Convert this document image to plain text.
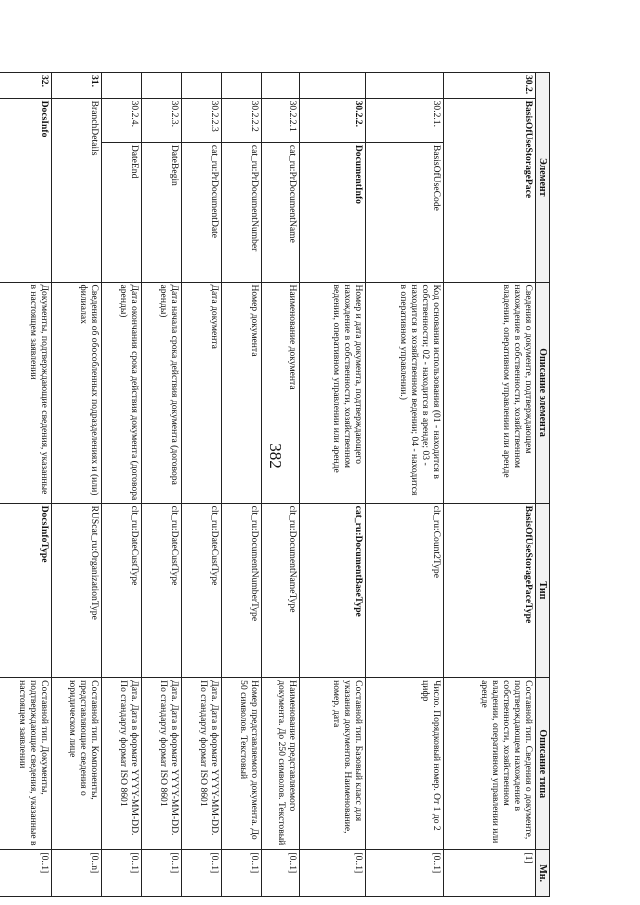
382
Элемент			Описание элемента	Тип	Описание типа	Мн.
30.2.	BasisOfUseStoragePace		Сведения о документе, подтверждающем нахождение в собственности, хозяйственном владении, оперативном управлении или аренде	BasisOfUseStoragePaceType	Составной тип. Сведения о документе, подтверждающем нахождение в собственности, хозяйственном владении, оперативном управлении или аренде	[1]
	30.2.1.	BasisOfUseCode	Код основания использования (01 - находится в собственности; 02 - находится в аренде; 03 - находится в хозяйственном ведении; 04 - находится в оперативном управлении.)	clt_ru:Count2Type	Число. Порядковый номер. От 1 до 2 цифр	[0..1]
	30.2.2.	DocumentInfo	Номер и дата документа, подтверждающего нахождение в собственности, хозяйственном ведении, оперативном управлении или аренде	cat_ru:DocumentBaseType	Составной тип. Базовый класс для указания документов. Наименование, номер, дата	[0..1]
	30.2.2.1	cat_ru:PrDocumentName	Наименование документа	clt_ru:DocumentNameType	Наименование представляемого документа. До 250 символов. Текстовый	[0..1]
	30.2.2.2	cat_ru:PrDocumentNumber	Номер документа	clt_ru:DocumentNumberType	Номер представляемого документа. До 50 символов. Текстовый	[0..1]
	30.2.2.3	cat_ru:PrDocumentDate	Дата документа	clt_ru:DateCustType	Дата. Дата в формате YYYY-MM-DD. По стандарту формат ISO 8601	[0..1]
	30.2.3.	DateBegin	Дата начала срока действия документа (договора аренды)	clt_ru:DateCustType	Дата. Дата в формате YYYY-MM-DD. По стандарту формат ISO 8601	[0..1]
	30.2.4.	DateEnd	Дата окончания срока действия документа (договора аренды)	clt_ru:DateCustType	Дата. Дата в формате YYYY-MM-DD. По стандарту формат ISO 8601	[0..1]
31.	BranchDetails		Сведения об обособленных подразделениях и (или) филиалах	RUScat_ru:OrganizationType	Составной тип. Компоненты, представляющие сведения о юридическом лице	[0..n]
32.	DocsInfo		Документы, подтверждающие сведения, указанные в настоящем заявлении	DocsInfoType	Составной тип. Документы, подтверждающие сведения, указанные в настоящем заявлении	[0..1]
